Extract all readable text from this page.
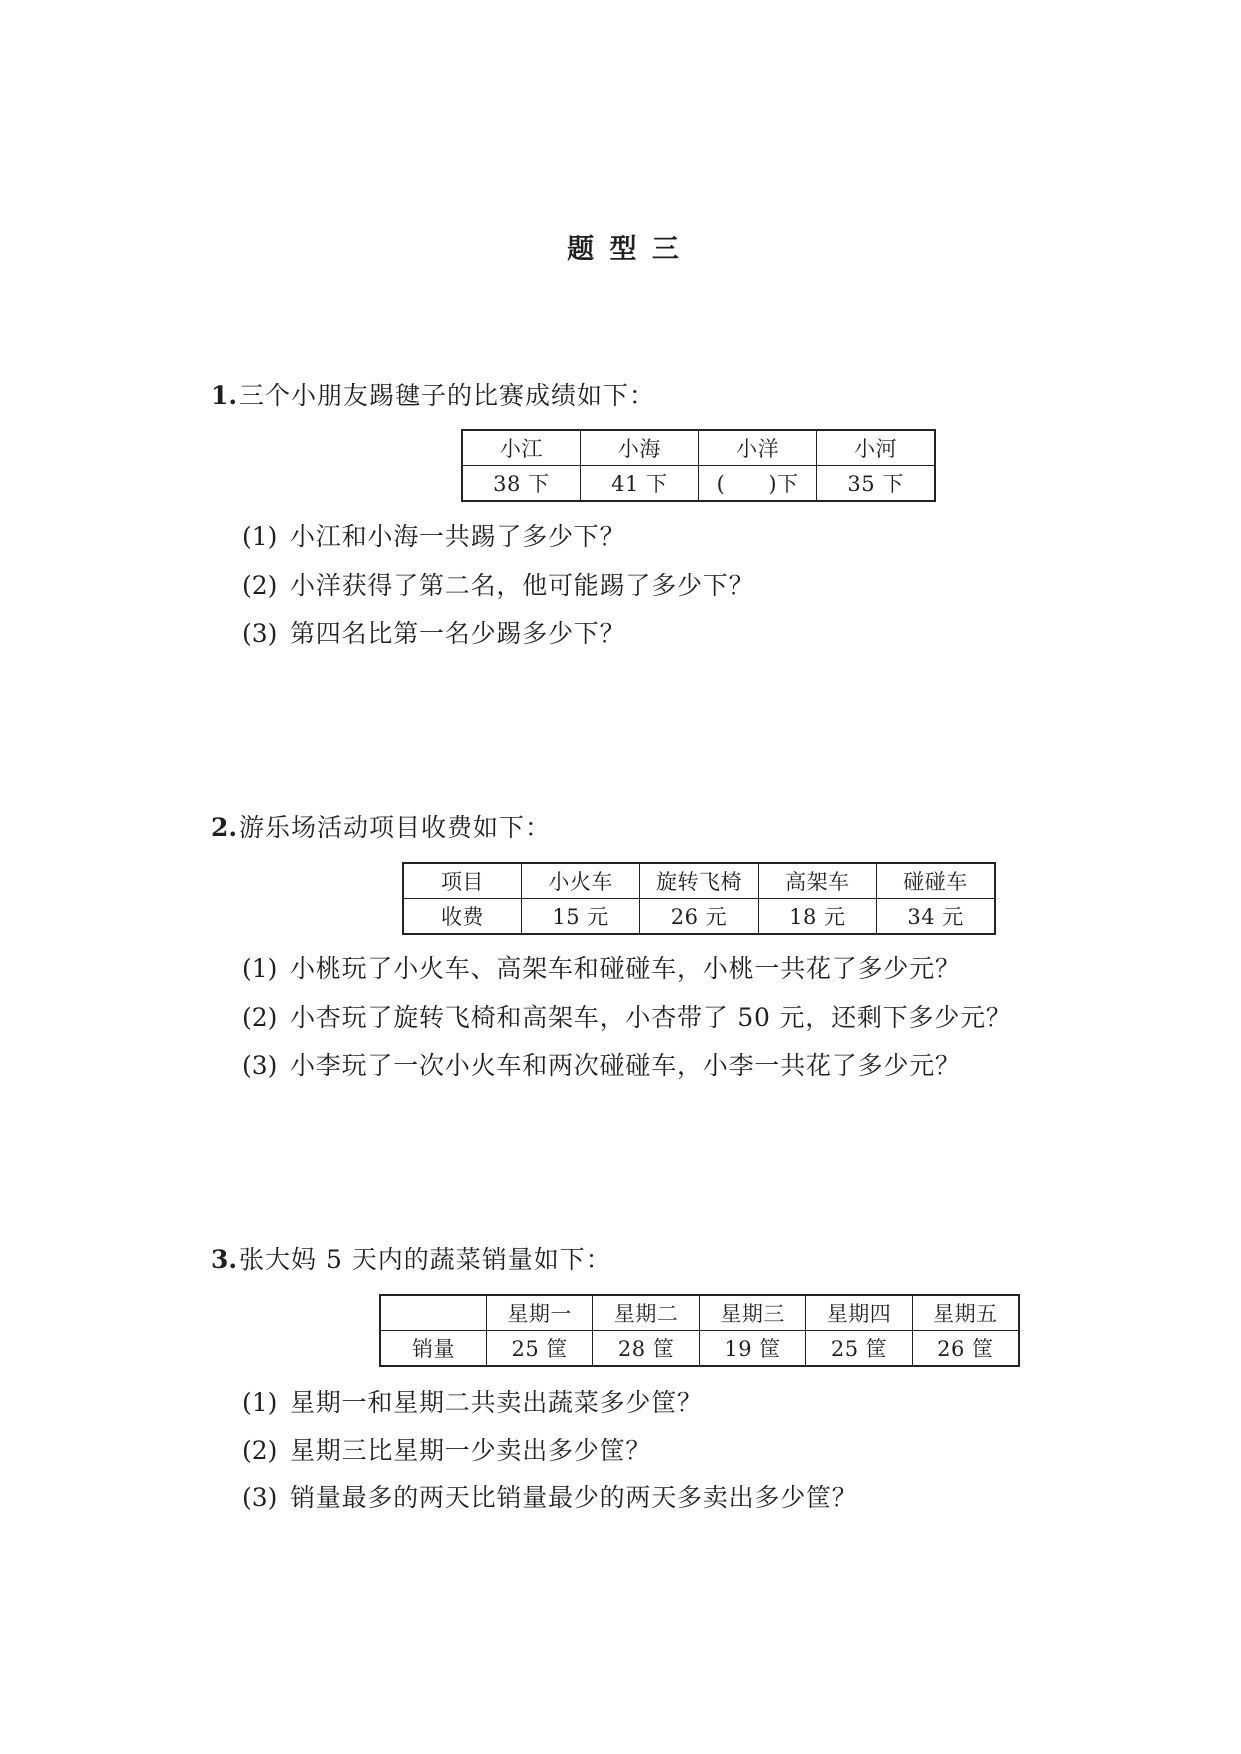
题 型 三
1.三个小朋友踢毽子的比赛成绩如下：
小江	小海	小洋	小河
38 下	41 下	(　　)下	35 下
(1) 小江和小海一共踢了多少下？
(2) 小洋获得了第二名，他可能踢了多少下？
(3) 第四名比第一名少踢多少下？
2.游乐场活动项目收费如下：
项目	小火车	旋转飞椅	高架车	碰碰车
收费	15 元	26 元	18 元	34 元
(1) 小桃玩了小火车、高架车和碰碰车，小桃一共花了多少元？
(2) 小杏玩了旋转飞椅和高架车，小杏带了 50 元，还剩下多少元？
(3) 小李玩了一次小火车和两次碰碰车，小李一共花了多少元？
3.张大妈 5 天内的蔬菜销量如下：
	星期一	星期二	星期三	星期四	星期五
销量	25 筐	28 筐	19 筐	25 筐	26 筐
(1) 星期一和星期二共卖出蔬菜多少筐？
(2) 星期三比星期一少卖出多少筐？
(3) 销量最多的两天比销量最少的两天多卖出多少筐？
